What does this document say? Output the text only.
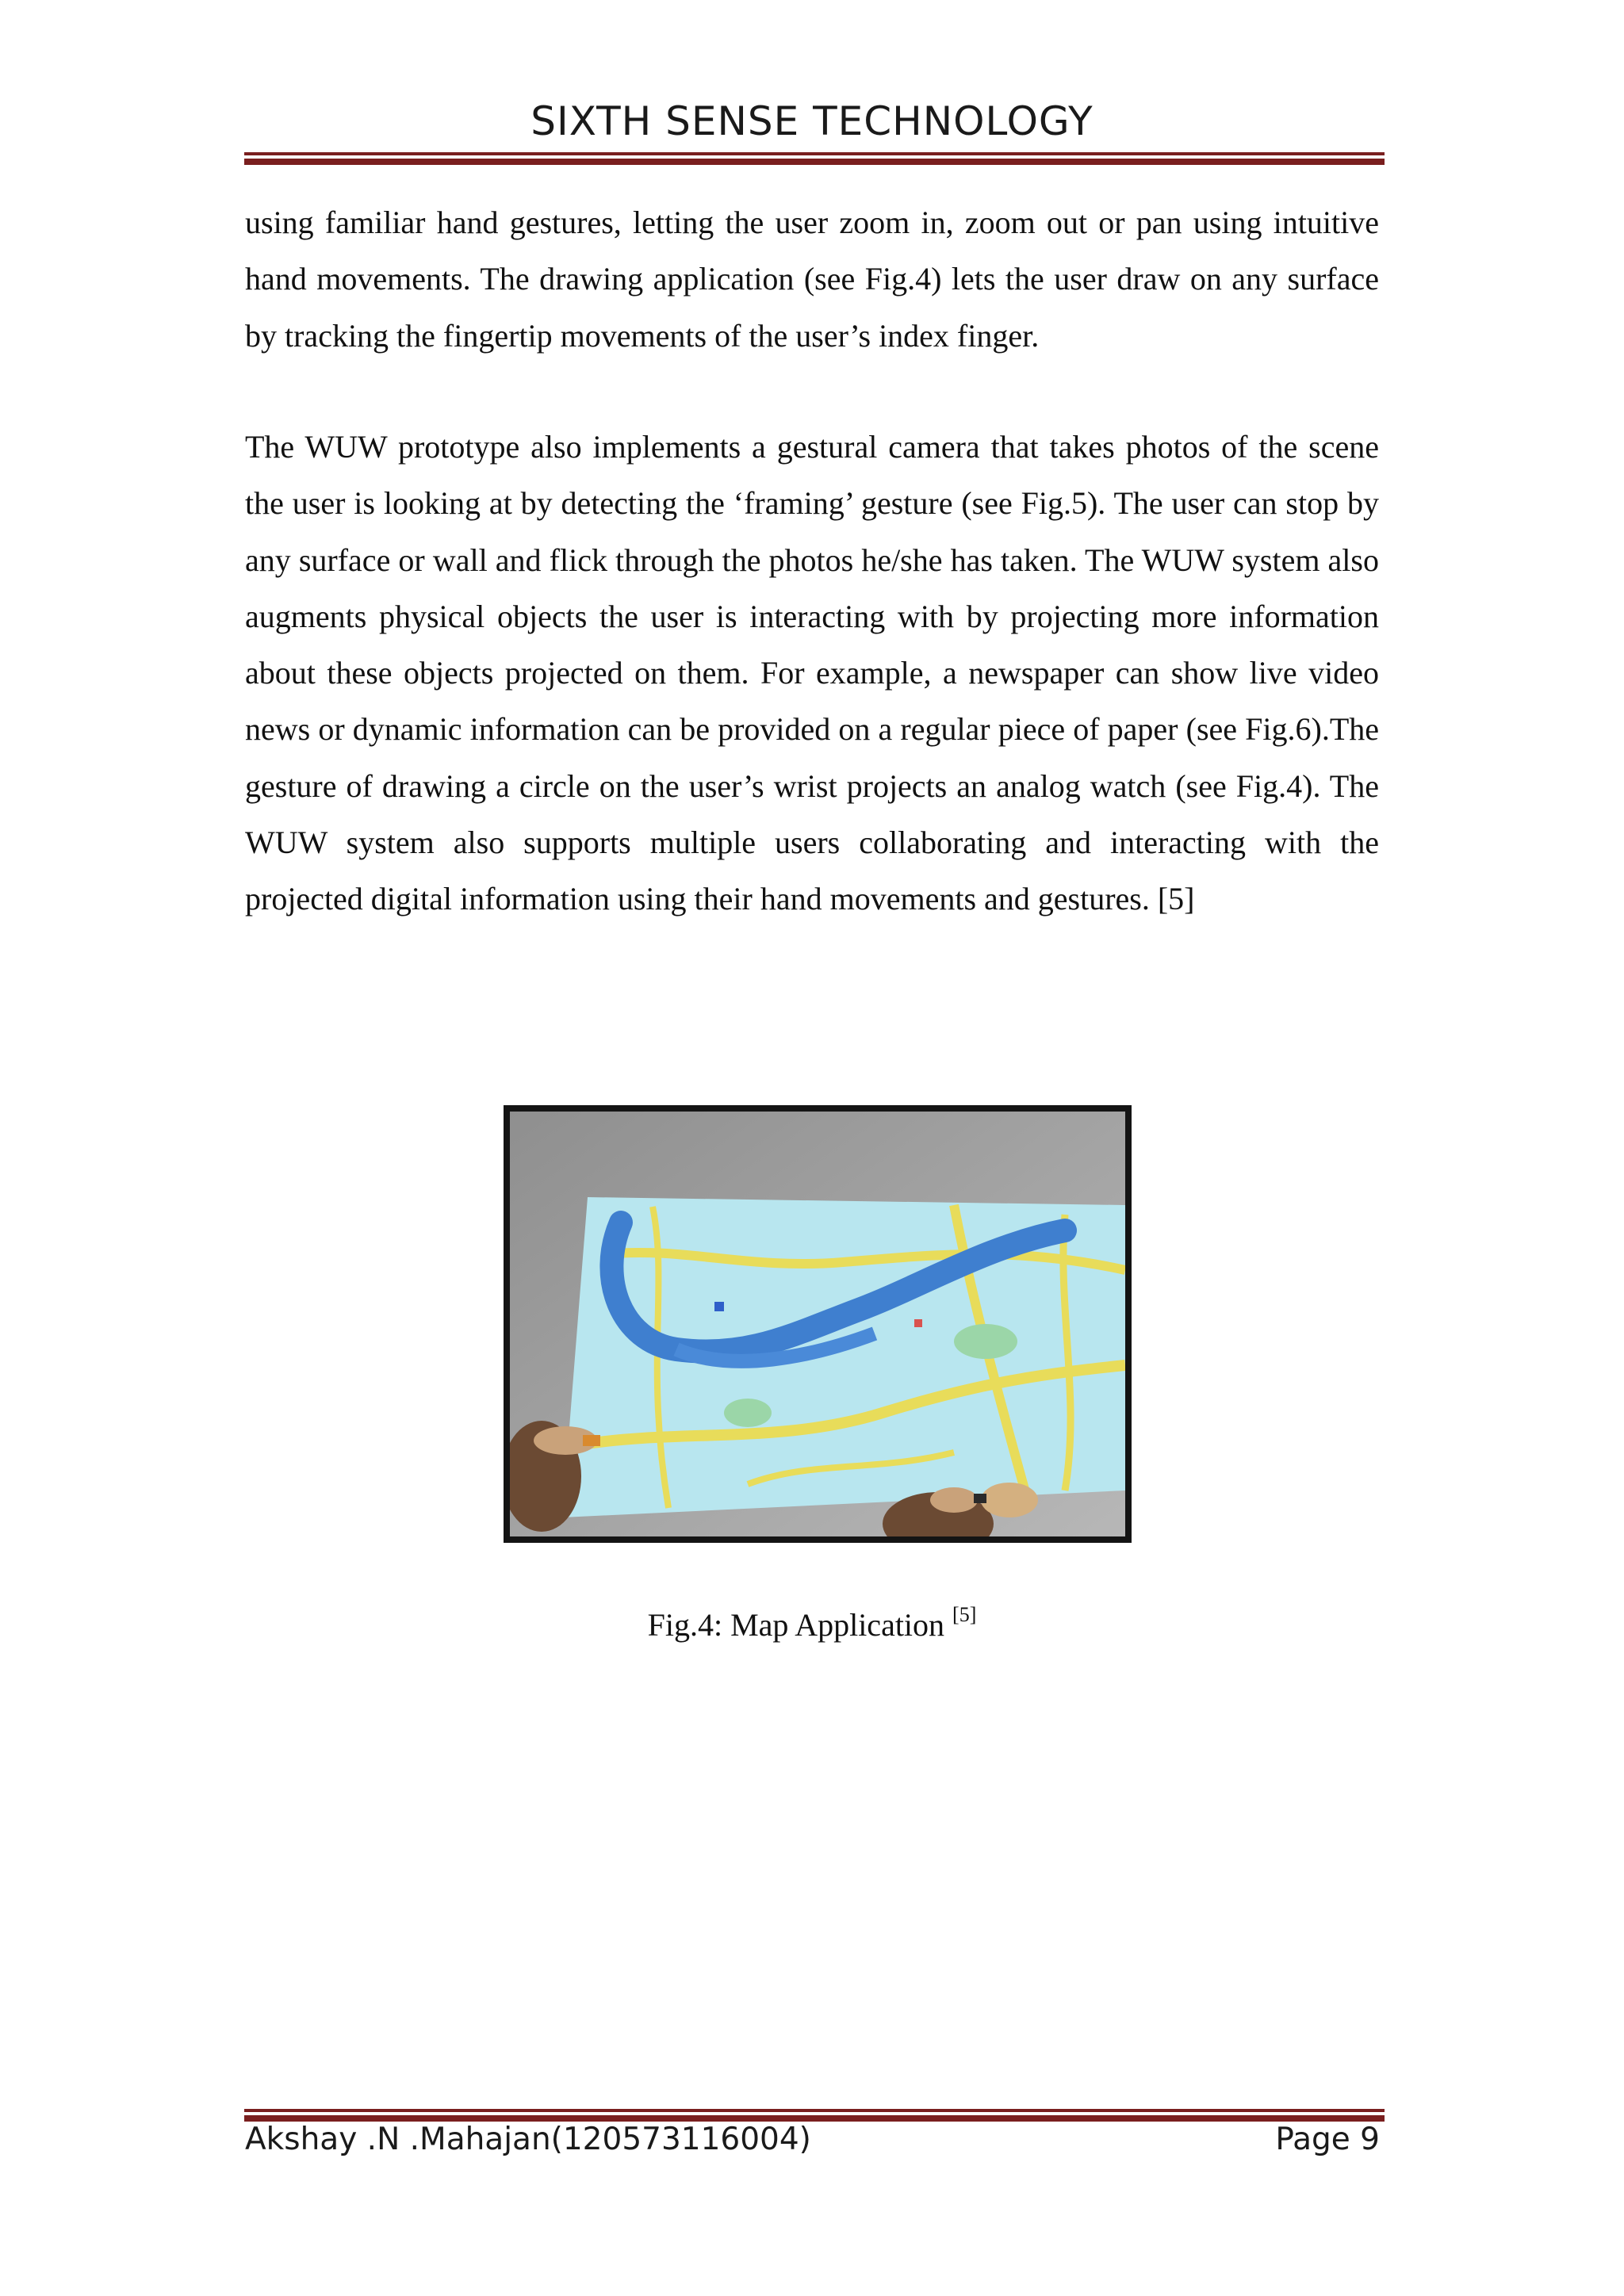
SIXTH SENSE TECHNOLOGY

using familiar hand gestures, letting the user zoom in, zoom out or pan using intuitive hand movements. The drawing application (see Fig.4) lets the user draw on any surface by tracking the fingertip movements of the user’s index finger.

The WUW prototype also implements a gestural camera that takes photos of the scene the user is looking at by detecting the ‘framing’ gesture (see Fig.5). The user can stop by any surface or wall and flick through the photos he/she has taken. The WUW system also augments physical objects the user is interacting with by projecting more information about these objects projected on them. For example, a newspaper can show live video news or dynamic information can be provided on a regular piece of paper (see Fig.6).The gesture of drawing a circle on the user’s wrist projects an analog watch (see Fig.4). The WUW system also supports multiple users collaborating and interacting with the projected digital information using their hand movements and gestures. [5]

Fig.4: Map Application [5]
Akshay .N .Mahajan(120573116004)	Page 9
